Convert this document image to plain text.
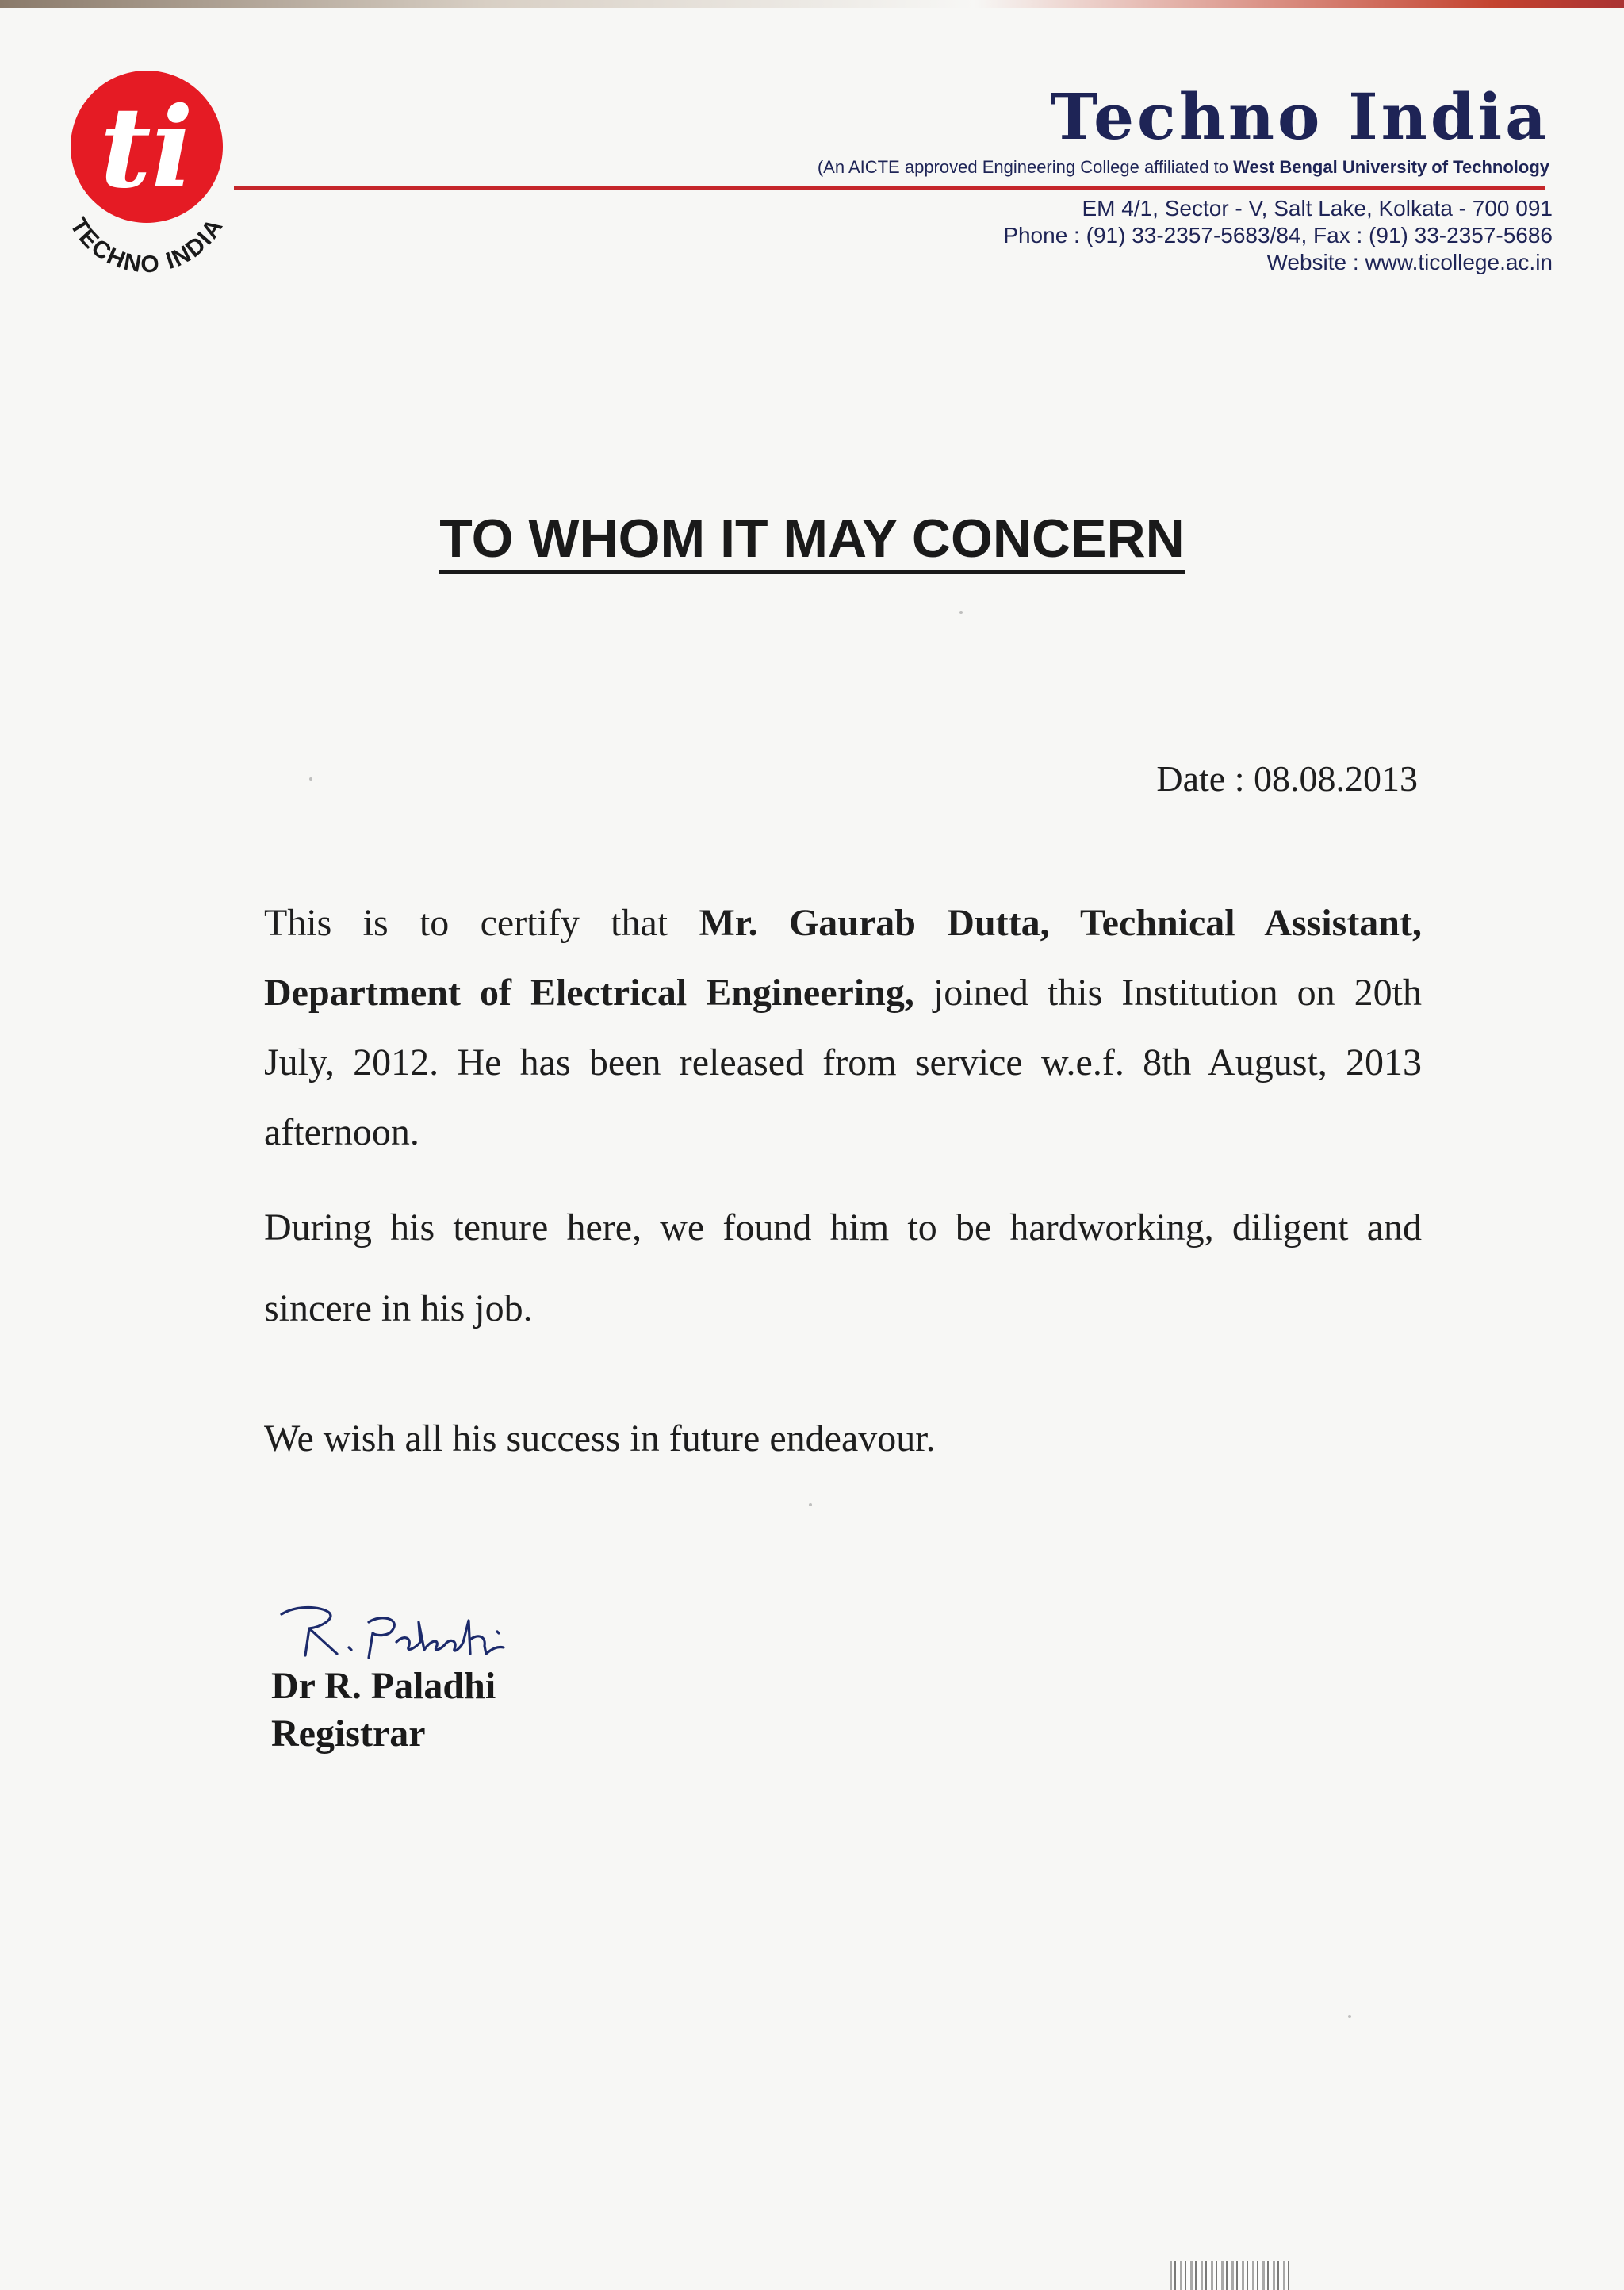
ti
TECHNO INDIA
Techno India
(An AICTE approved Engineering College affiliated to West Bengal University of Technology
EM 4/1, Sector - V, Salt Lake, Kolkata - 700 091
Phone : (91) 33-2357-5683/84, Fax : (91) 33-2357-5686
Website : www.ticollege.ac.in
TO WHOM IT MAY CONCERN
Date : 08.08.2013
This is to certify that Mr. Gaurab Dutta, Technical Assistant, Department of Electrical Engineering, joined this Institution on 20th July, 2012. He has been released from service w.e.f. 8th August, 2013 afternoon.
During his tenure here, we found him to be hardworking, diligent and sincere in his job.
We wish all his success in future endeavour.
Dr R. Paladhi
Registrar
